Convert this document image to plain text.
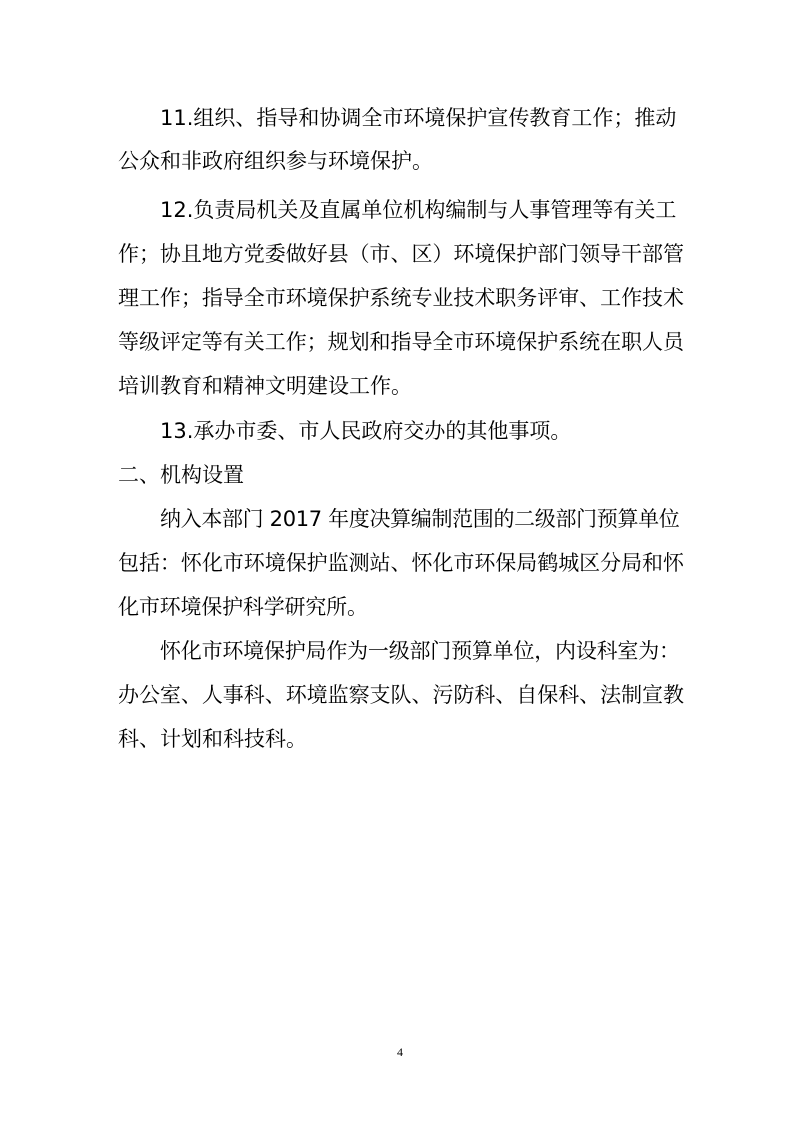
11.组织、指导和协调全市环境保护宣传教育工作；推动
公众和非政府组织参与环境保护。
12.负责局机关及直属单位机构编制与人事管理等有关工
作；协且地方党委做好县（市、区）环境保护部门领导干部管
理工作；指导全市环境保护系统专业技术职务评审、工作技术
等级评定等有关工作；规划和指导全市环境保护系统在职人员
培训教育和精神文明建设工作。
13.承办市委、市人民政府交办的其他事项。
二、机构设置
纳入本部门 2017 年度决算编制范围的二级部门预算单位
包括：怀化市环境保护监测站、怀化市环保局鹤城区分局和怀
化市环境保护科学研究所。
怀化市环境保护局作为一级部门预算单位，内设科室为：
办公室、人事科、环境监察支队、污防科、自保科、法制宣教
科、计划和科技科。
4
